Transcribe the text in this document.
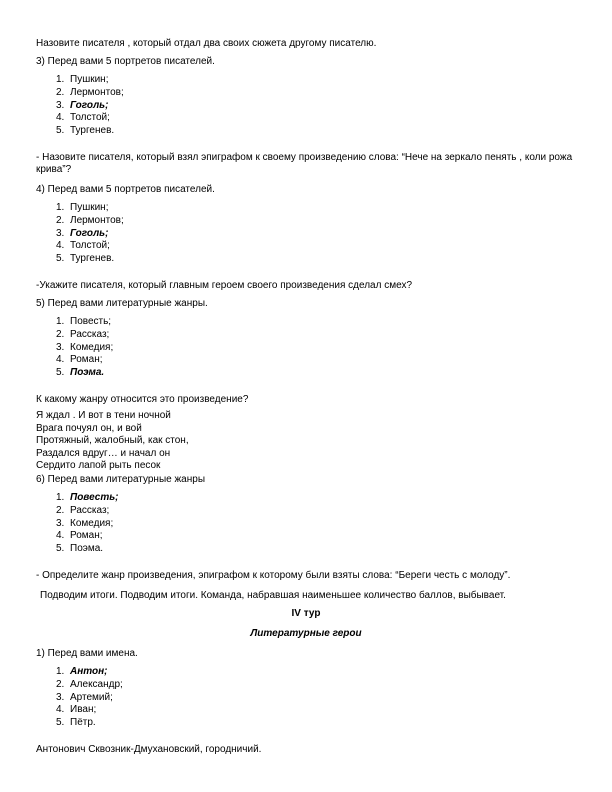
Назовите писателя , который отдал два своих сюжета другому писателю.
3) Перед вами 5 портретов писателей.
1. Пушкин;
2. Лермонтов;
3. Гоголь;
4. Толстой;
5. Тургенев.
- Назовите писателя, который взял эпиграфом к своему произведению слова: “Нече на зеркало пенять , коли рожа крива”?
4) Перед вами 5 портретов писателей.
1. Пушкин;
2. Лермонтов;
3. Гоголь;
4. Толстой;
5. Тургенев.
-Укажите писателя, который главным героем своего произведения сделал смех?
5) Перед вами литературные жанры.
1. Повесть;
2. Рассказ;
3. Комедия;
4. Роман;
5. Поэма.
К какому жанру относится это произведение?
Я ждал . И вот в тени ночной
Врага почуял он, и вой
Протяжный, жалобный, как стон,
Раздался вдруг… и начал он
Сердито лапой рыть песок
6) Перед вами литературные жанры
1. Повесть;
2. Рассказ;
3. Комедия;
4. Роман;
5. Поэма.
- Определите жанр произведения, эпиграфом к которому были взяты слова: “Береги честь с молоду”.
Подводим итоги. Подводим итоги. Команда, набравшая наименьшее количество баллов, выбывает.
IV тур
Литературные герои
1) Перед вами имена.
1. Антон;
2. Александр;
3. Артемий;
4. Иван;
5. Пётр.
Антонович Сквозник-Дмухановский, городничий.
